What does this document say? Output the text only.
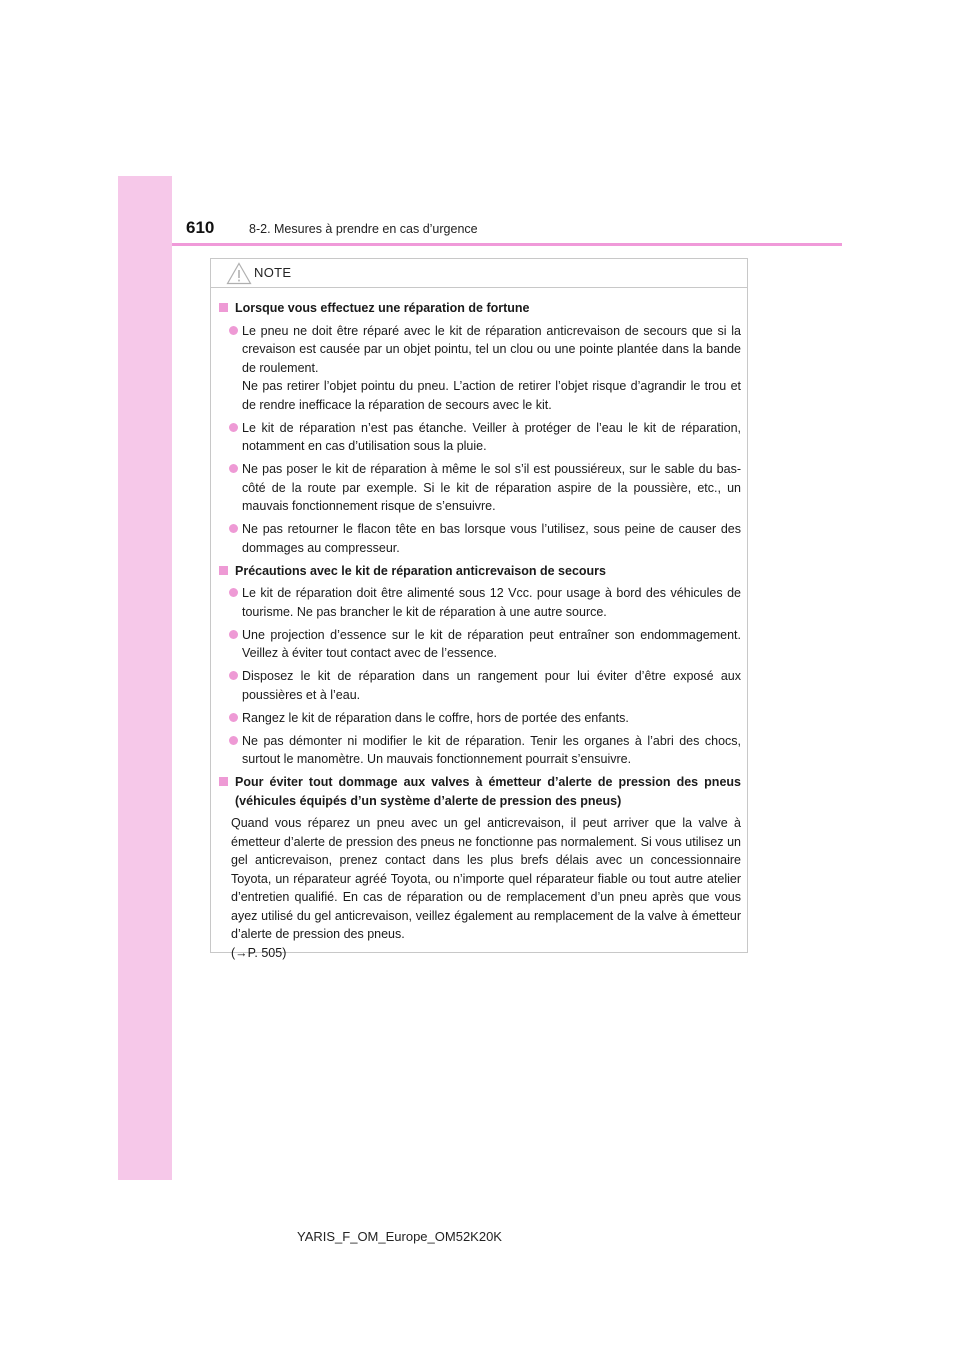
610	8-2. Mesures à prendre en cas d’urgence
NOTE
Lorsque vous effectuez une réparation de fortune
Le pneu ne doit être réparé avec le kit de réparation anticrevaison de secours que si la crevaison est causée par un objet pointu, tel un clou ou une pointe plantée dans la bande de roulement.
Ne pas retirer l’objet pointu du pneu. L’action de retirer l’objet risque d’agrandir le trou et de rendre inefficace la réparation de secours avec le kit.
Le kit de réparation n’est pas étanche. Veiller à protéger de l’eau le kit de réparation, notamment en cas d’utilisation sous la pluie.
Ne pas poser le kit de réparation à même le sol s’il est poussiéreux, sur le sable du bas-côté de la route par exemple. Si le kit de réparation aspire de la poussière, etc., un mauvais fonctionnement risque de s’ensuivre.
Ne pas retourner le flacon tête en bas lorsque vous l’utilisez, sous peine de causer des dommages au compresseur.
Précautions avec le kit de réparation anticrevaison de secours
Le kit de réparation doit être alimenté sous 12 Vcc. pour usage à bord des véhicules de tourisme. Ne pas brancher le kit de réparation à une autre source.
Une projection d’essence sur le kit de réparation peut entraîner son endommagement. Veillez à éviter tout contact avec de l’essence.
Disposez le kit de réparation dans un rangement pour lui éviter d’être exposé aux poussières et à l’eau.
Rangez le kit de réparation dans le coffre, hors de portée des enfants.
Ne pas démonter ni modifier le kit de réparation. Tenir les organes à l’abri des chocs, surtout le manomètre. Un mauvais fonctionnement pourrait s’ensuivre.
Pour éviter tout dommage aux valves à émetteur d’alerte de pression des pneus (véhicules équipés d’un système d’alerte de pression des pneus)
Quand vous réparez un pneu avec un gel anticrevaison, il peut arriver que la valve à émetteur d’alerte de pression des pneus ne fonctionne pas normalement. Si vous utilisez un gel anticrevaison, prenez contact dans les plus brefs délais avec un concessionnaire Toyota, un réparateur agréé Toyota, ou n’importe quel réparateur fiable ou tout autre atelier d’entretien qualifié. En cas de réparation ou de remplacement d’un pneu après que vous ayez utilisé du gel anticrevaison, veillez également au remplacement de la valve à émetteur d’alerte de pression des pneus.
(→P. 505)
YARIS_F_OM_Europe_OM52K20K
